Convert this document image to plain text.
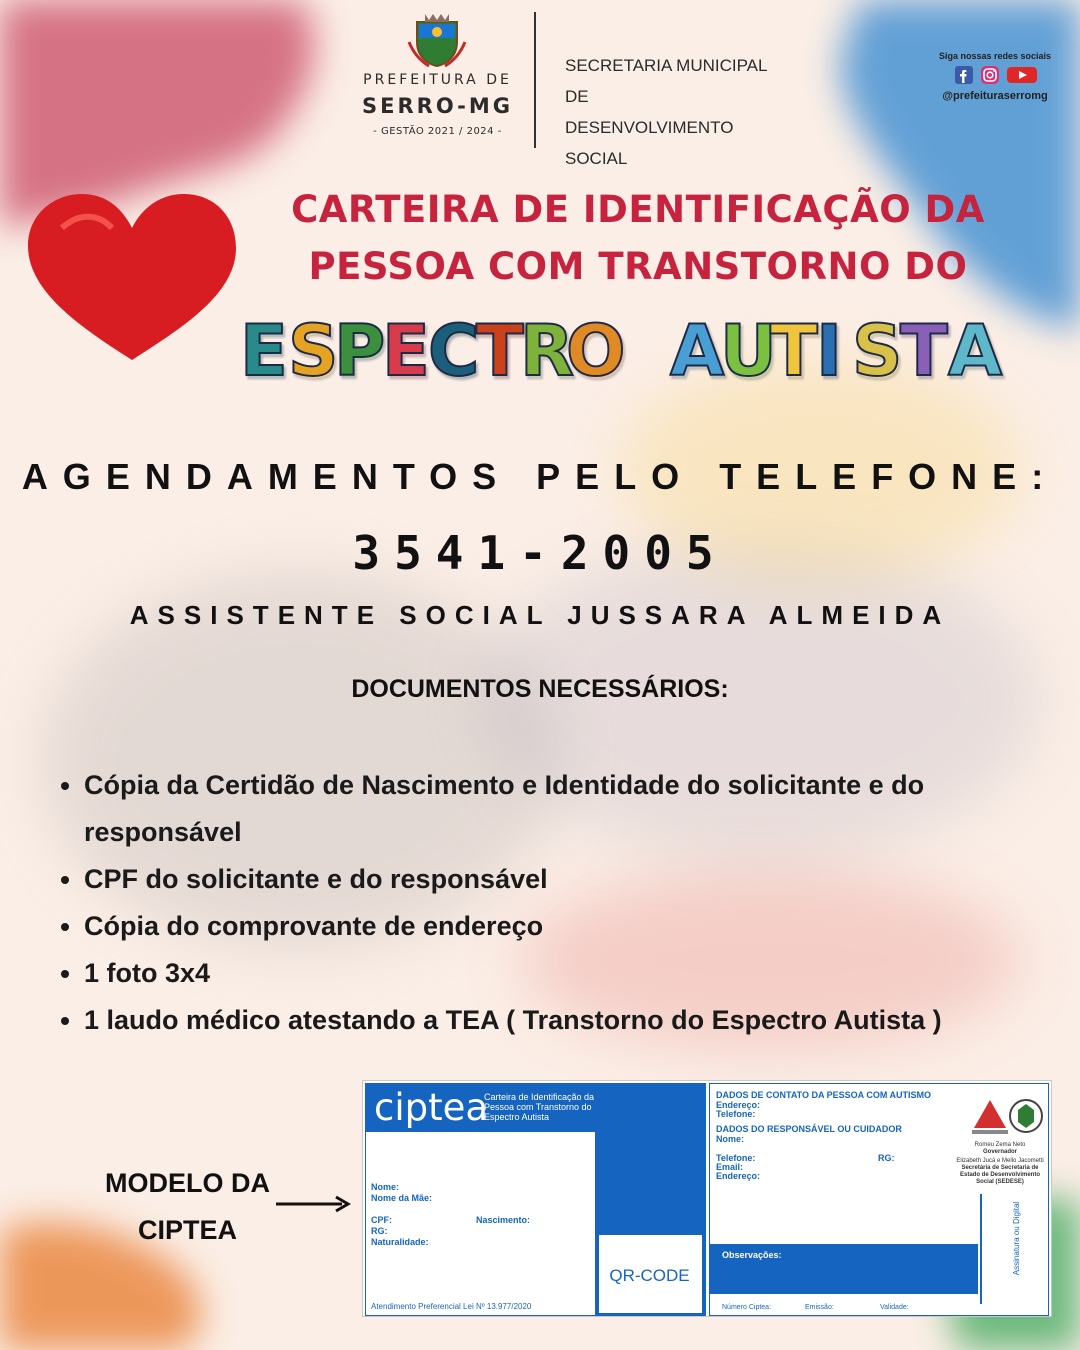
PREFEITURA DE
SERRO-MG
- GESTÃO 2021 / 2024 -
SECRETARIA MUNICIPAL DE
DESENVOLVIMENTO SOCIAL
Siga nossas redes sociais
@prefeituraserromg
CARTEIRA DE IDENTIFICAÇÃO DA
PESSOA COM TRANSTORNO DO
E S
P
E
C
T
R
O A
U
T
I S
T A
AGENDAMENTOS PELO TELEFONE:
3541-2005
ASSISTENTE SOCIAL JUSSARA ALMEIDA
DOCUMENTOS NECESSÁRIOS:
• Cópia da Certidão de Nascimento e Identidade do solicitante e do responsável
• CPF do solicitante e do responsável
• Cópia do comprovante de endereço
• 1 foto 3x4
• 1 laudo médico atestando a TEA ( Transtorno do Espectro Autista )
MODELO DA
CIPTEA
ciptea
Carteira de Identificação da Pessoa com Transtorno do Espectro Autista
QR-CODE
Nome:
Nome da Mãe:
CPF:	Nascimento:
RG:
Naturalidade:
Atendimento Preferencial Lei Nº 13.977/2020
DADOS DE CONTATO DA PESSOA COM AUTISMO
Endereço:
Telefone:
DADOS DO RESPONSÁVEL OU CUIDADOR
Nome:
Telefone:	RG:
Email:
Endereço:
Romeu Zema Neto
Governador
Elizabeth Jucá e Mello Jacometti
Secretária de Secretaria de Estado de Desenvolvimento Social (SEDESE)
Observações:	Assinatura ou Digital
Número Ciptea:	Emissão:	Validade:
